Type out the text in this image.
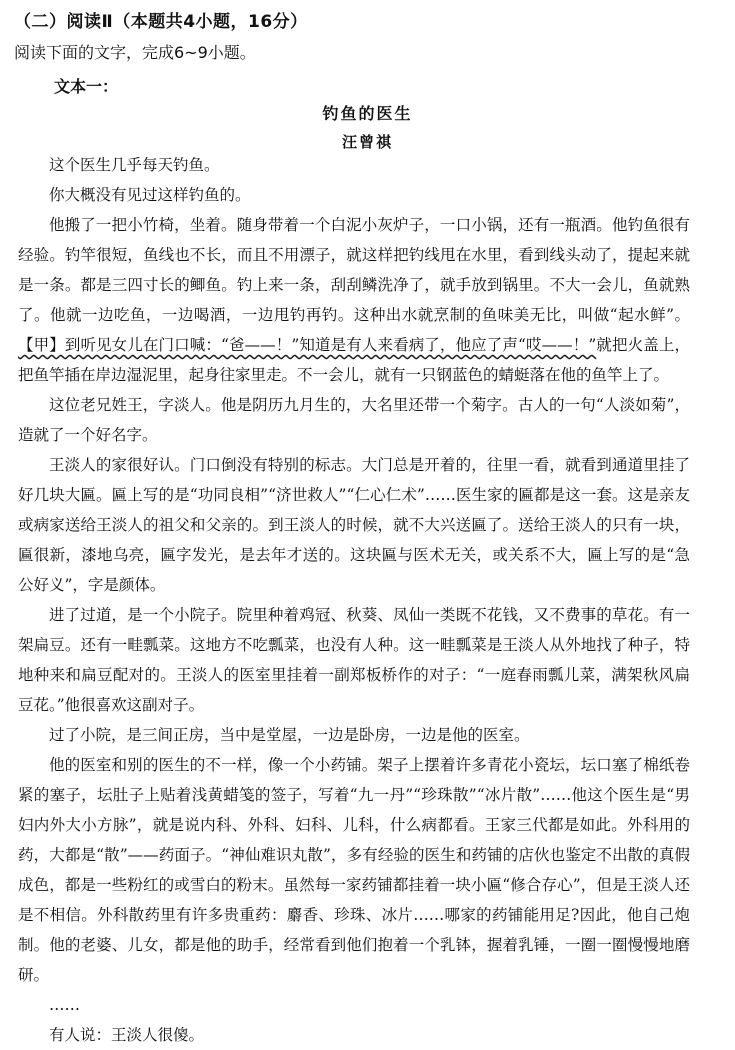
（二）阅读Ⅱ（本题共4小题，16分）
阅读下面的文字，完成6~9小题。
文本一：
钓鱼的医生
汪曾祺

这个医生几乎每天钓鱼。

你大概没有见过这样钓鱼的。

他搬了一把小竹椅，坐着。随身带着一个白泥小灰炉子，一口小锅，还有一瓶酒。他钓鱼很有经验。钓竿很短，鱼线也不长，而且不用漂子，就这样把钓线甩在水里，看到线头动了，提起来就是一条。都是三四寸长的鲫鱼。钓上来一条，刮刮鳞洗净了，就手放到锅里。不大一会儿，鱼就熟了。他就一边吃鱼，一边喝酒，一边甩钓再钓。这种出水就烹制的鱼味美无比，叫做“起水鲜”。【甲】到听见女儿在门口喊：“爸——！”知道是有人来看病了，他应了声“哎——！”就把火盖上，把鱼竿插在岸边湿泥里，起身往家里走。不一会儿，就有一只钢蓝色的蜻蜓落在他的鱼竿上了。

这位老兄姓王，字淡人。他是阴历九月生的，大名里还带一个菊字。古人的一句“人淡如菊”，造就了一个好名字。

王淡人的家很好认。门口倒没有特别的标志。大门总是开着的，往里一看，就看到通道里挂了好几块大匾。匾上写的是“功同良相”“济世救人”“仁心仁术”……医生家的匾都是这一套。这是亲友或病家送给王淡人的祖父和父亲的。到王淡人的时候，就不大兴送匾了。送给王淡人的只有一块，匾很新，漆地乌亮，匾字发光，是去年才送的。这块匾与医术无关，或关系不大，匾上写的是“急公好义”，字是颜体。

进了过道，是一个小院子。院里种着鸡冠、秋葵、凤仙一类既不花钱，又不费事的草花。有一架扁豆。还有一畦瓢菜。这地方不吃瓢菜，也没有人种。这一畦瓢菜是王淡人从外地找了种子，特地种来和扁豆配对的。王淡人的医室里挂着一副郑板桥作的对子：“一庭春雨瓢儿菜，满架秋风扁豆花。”他很喜欢这副对子。

过了小院，是三间正房，当中是堂屋，一边是卧房，一边是他的医室。

他的医室和别的医生的不一样，像一个小药铺。架子上摆着许多青花小瓷坛，坛口塞了棉纸卷紧的塞子，坛肚子上贴着浅黄蜡笺的签子，写着“九一丹”“珍珠散”“冰片散”……他这个医生是“男妇内外大小方脉”，就是说内科、外科、妇科、儿科，什么病都看。王家三代都是如此。外科用的药，大都是“散”——药面子。“神仙难识丸散”，多有经验的医生和药铺的店伙也鉴定不出散的真假成色，都是一些粉红的或雪白的粉末。虽然每一家药铺都挂着一块小匾“修合存心”，但是王淡人还是不相信。外科散药里有许多贵重药：麝香、珍珠、冰片……哪家的药铺能用足?因此，他自己炮制。他的老婆、儿女，都是他的助手，经常看到他们抱着一个乳钵，握着乳锤，一圈一圈慢慢地磨研。

……

有人说：王淡人很傻。
